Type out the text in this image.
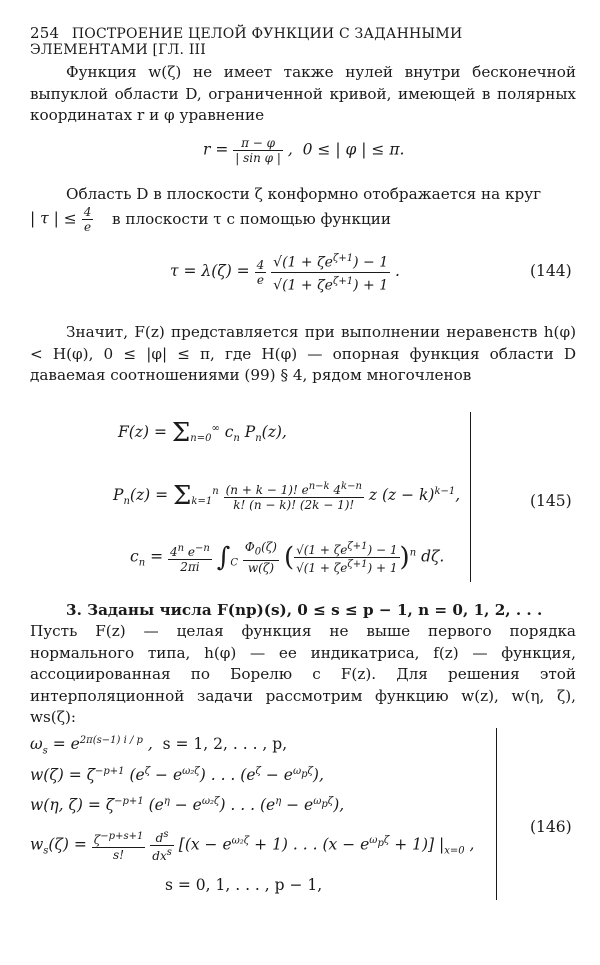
254 ПОСТРОЕНИЕ ЦЕЛОЙ ФУНКЦИИ С ЗАДАННЫМИ ЭЛЕМЕНТАМИ [ГЛ. III
Функция w(ζ) не имеет также нулей внутри бесконечной выпуклой области D, ограниченной кривой, имеющей в полярных координатах r и φ уравнение
$r = \frac{\pi - \varphi}{\text{| sin φ |}}$ ,  0 ≤ | φ | ≤ π.
Область D в плоскости ζ конформно отображается на круг
| τ | ≤ $\frac{4}{e}$ в плоскости τ с помощью функции
$\tau = \lambda(\zeta) = \frac{4}{e}$
$\frac{√(1 + \zeta e^{\zeta+1}) - 1}{√(1 + \zeta e^{\zeta+1}) + 1}$ .	(144)
Значит, F(z) представляется при выполнении неравенств h(φ) < H(φ), 0 ≤ |φ| ≤ π, где H(φ) — опорная функция области D даваемая соотношениями (99) § 4, рядом многочленов
$F(z) = \Sigma_{n=0}^\infty$ $c_n$ $P_n(z)$,
$P_n(z) = \Sigma_{k=1}^n \frac{(n + k - 1)! e^{n-k} 4^{k-n}}{k! (n - k)! (2k - 1)!}$ z $(z - k)^{k-1}$,
$c_n = \frac{4^n e^{-n}}{2\pi i} \int_C \frac{\Phi_0(\zeta)}{w(\zeta)}$ ( $\frac{√(1 + \zeta e^{\zeta+1}) - 1}{√(1 + \zeta e^{\zeta+1}) + 1} )^n$ dζ.
(145)
3. Заданы числа F(np)(s), 0 ≤ s ≤ p − 1, n = 0, 1, 2, . . .
Пусть F(z) — целая функция не выше первого порядка нормального типа, h(φ) — ее индикатриса, f(z) — функция, ассоциированная по Борелю с F(z). Для решения этой интерполяционной задачи рассмотрим функцию w(z), w(η, ζ), ws(ζ):
$\omega_s = e^{2\pi(s-1) i / p}$ ,  s = 1, 2, . . . , p,
$w(\zeta) = \zeta^{-p+1}$ $(e^\zeta - e^{\omega_2\zeta})$ . . . $(e^\zeta - e^{\omega_p\zeta})$,
w(η, $\zeta) = \zeta^{-p+1}$ $(e^\eta - e^{\omega_2\zeta})$ . . . $(e^\eta - e^{\omega_p\zeta})$,
$w_s(\zeta) = \frac{\zeta^{-p+s+1}}{s!}$
$\frac{d^s}{dx^s} [(x - e^{\omega_2\zeta} + 1)$ . . . $(x - e^{\omega_p\zeta} + 1)$] $|_{x=0}$ ,
s = 0, 1, . . . , p − 1,
(146)
